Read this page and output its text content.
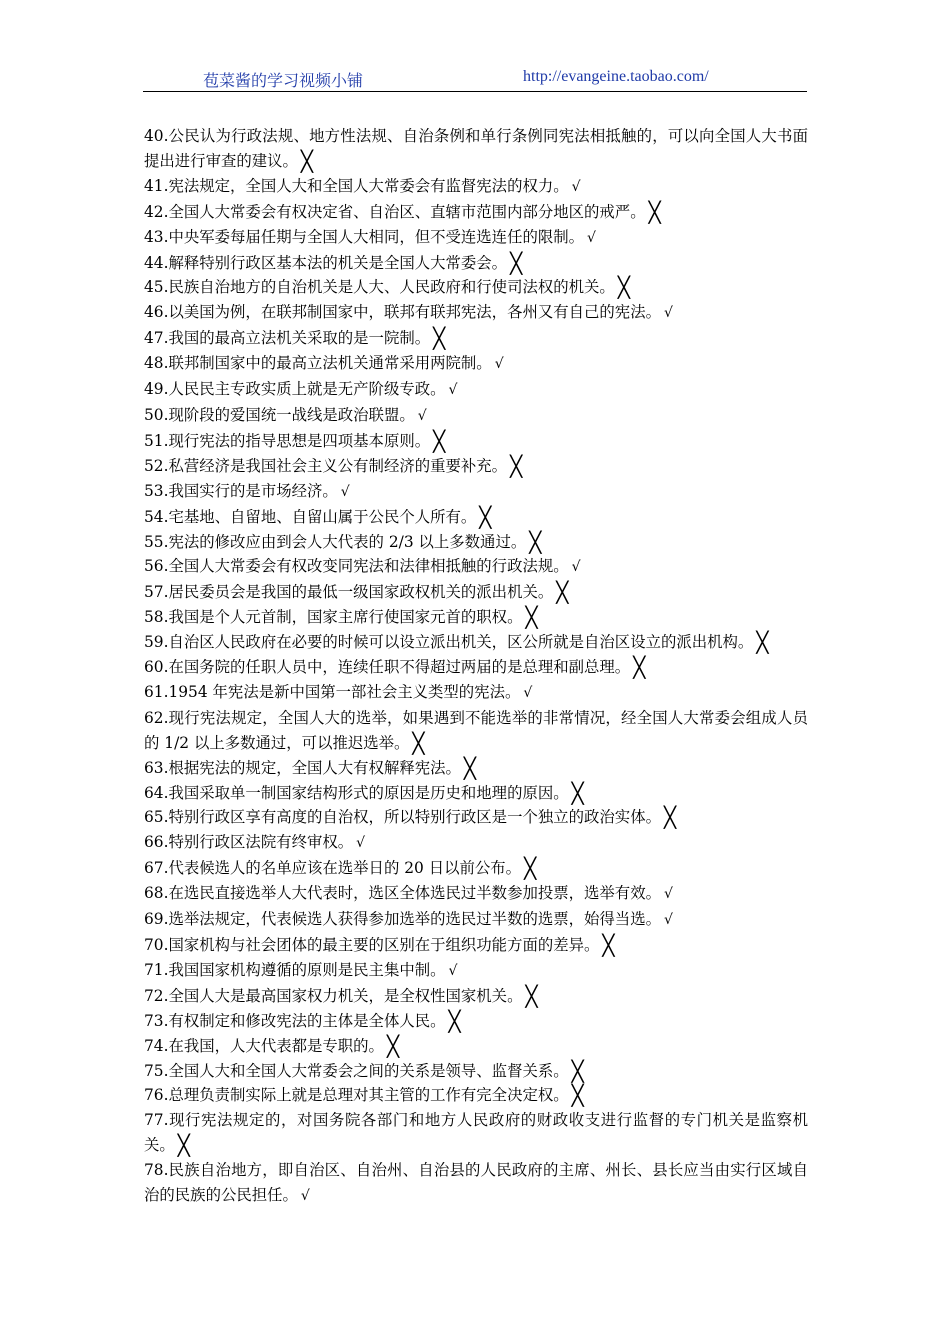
苞菜酱的学习视频小铺	http://evangeine.taobao.com/

40.公民认为行政法规、地方性法规、自治条例和单行条例同宪法相抵触的，可以向全国人大书面提出进行审查的建议。 ╳

41.宪法规定，全国人大和全国人大常委会有监督宪法的权力。 √

42.全国人大常委会有权决定省、自治区、直辖市范围内部分地区的戒严。 ╳

43.中央军委每届任期与全国人大相同，但不受连选连任的限制。 √

44.解释特别行政区基本法的机关是全国人大常委会。 ╳

45.民族自治地方的自治机关是人大、人民政府和行使司法权的机关。 ╳

46.以美国为例，在联邦制国家中，联邦有联邦宪法，各州又有自己的宪法。 √

47.我国的最高立法机关采取的是一院制。 ╳

48.联邦制国家中的最高立法机关通常采用两院制。 √

49.人民民主专政实质上就是无产阶级专政。 √

50.现阶段的爱国统一战线是政治联盟。 √

51.现行宪法的指导思想是四项基本原则。 ╳

52.私营经济是我国社会主义公有制经济的重要补充。 ╳

53.我国实行的是市场经济。 √

54.宅基地、自留地、自留山属于公民个人所有。 ╳

55.宪法的修改应由到会人大代表的 2/3 以上多数通过。 ╳

56.全国人大常委会有权改变同宪法和法律相抵触的行政法规。 √

57.居民委员会是我国的最低一级国家政权机关的派出机关。 ╳

58.我国是个人元首制，国家主席行使国家元首的职权。 ╳

59.自治区人民政府在必要的时候可以设立派出机关，区公所就是自治区设立的派出机构。 ╳

60.在国务院的任职人员中，连续任职不得超过两届的是总理和副总理。 ╳

61.1954 年宪法是新中国第一部社会主义类型的宪法。 √

62.现行宪法规定，全国人大的选举，如果遇到不能选举的非常情况，经全国人大常委会组成人员的 1/2 以上多数通过，可以推迟选举。 ╳

63.根据宪法的规定，全国人大有权解释宪法。 ╳

64.我国采取单一制国家结构形式的原因是历史和地理的原因。 ╳

65.特别行政区享有高度的自治权，所以特别行政区是一个独立的政治实体。 ╳

66.特别行政区法院有终审权。 √

67.代表候选人的名单应该在选举日的 20 日以前公布。 ╳

68.在选民直接选举人大代表时，选区全体选民过半数参加投票，选举有效。 √

69.选举法规定，代表候选人获得参加选举的选民过半数的选票，始得当选。 √

70.国家机构与社会团体的最主要的区别在于组织功能方面的差异。 ╳

71.我国国家机构遵循的原则是民主集中制。 √

72.全国人大是最高国家权力机关，是全权性国家机关。 ╳

73.有权制定和修改宪法的主体是全体人民。 ╳

74.在我国，人大代表都是专职的。 ╳

75.全国人大和全国人大常委会之间的关系是领导、监督关系。 ╳

76.总理负责制实际上就是总理对其主管的工作有完全决定权。 ╳

77.现行宪法规定的，对国务院各部门和地方人民政府的财政收支进行监督的专门机关是监察机关。 ╳

78.民族自治地方，即自治区、自治州、自治县的人民政府的主席、州长、县长应当由实行区域自治的民族的公民担任。 √
